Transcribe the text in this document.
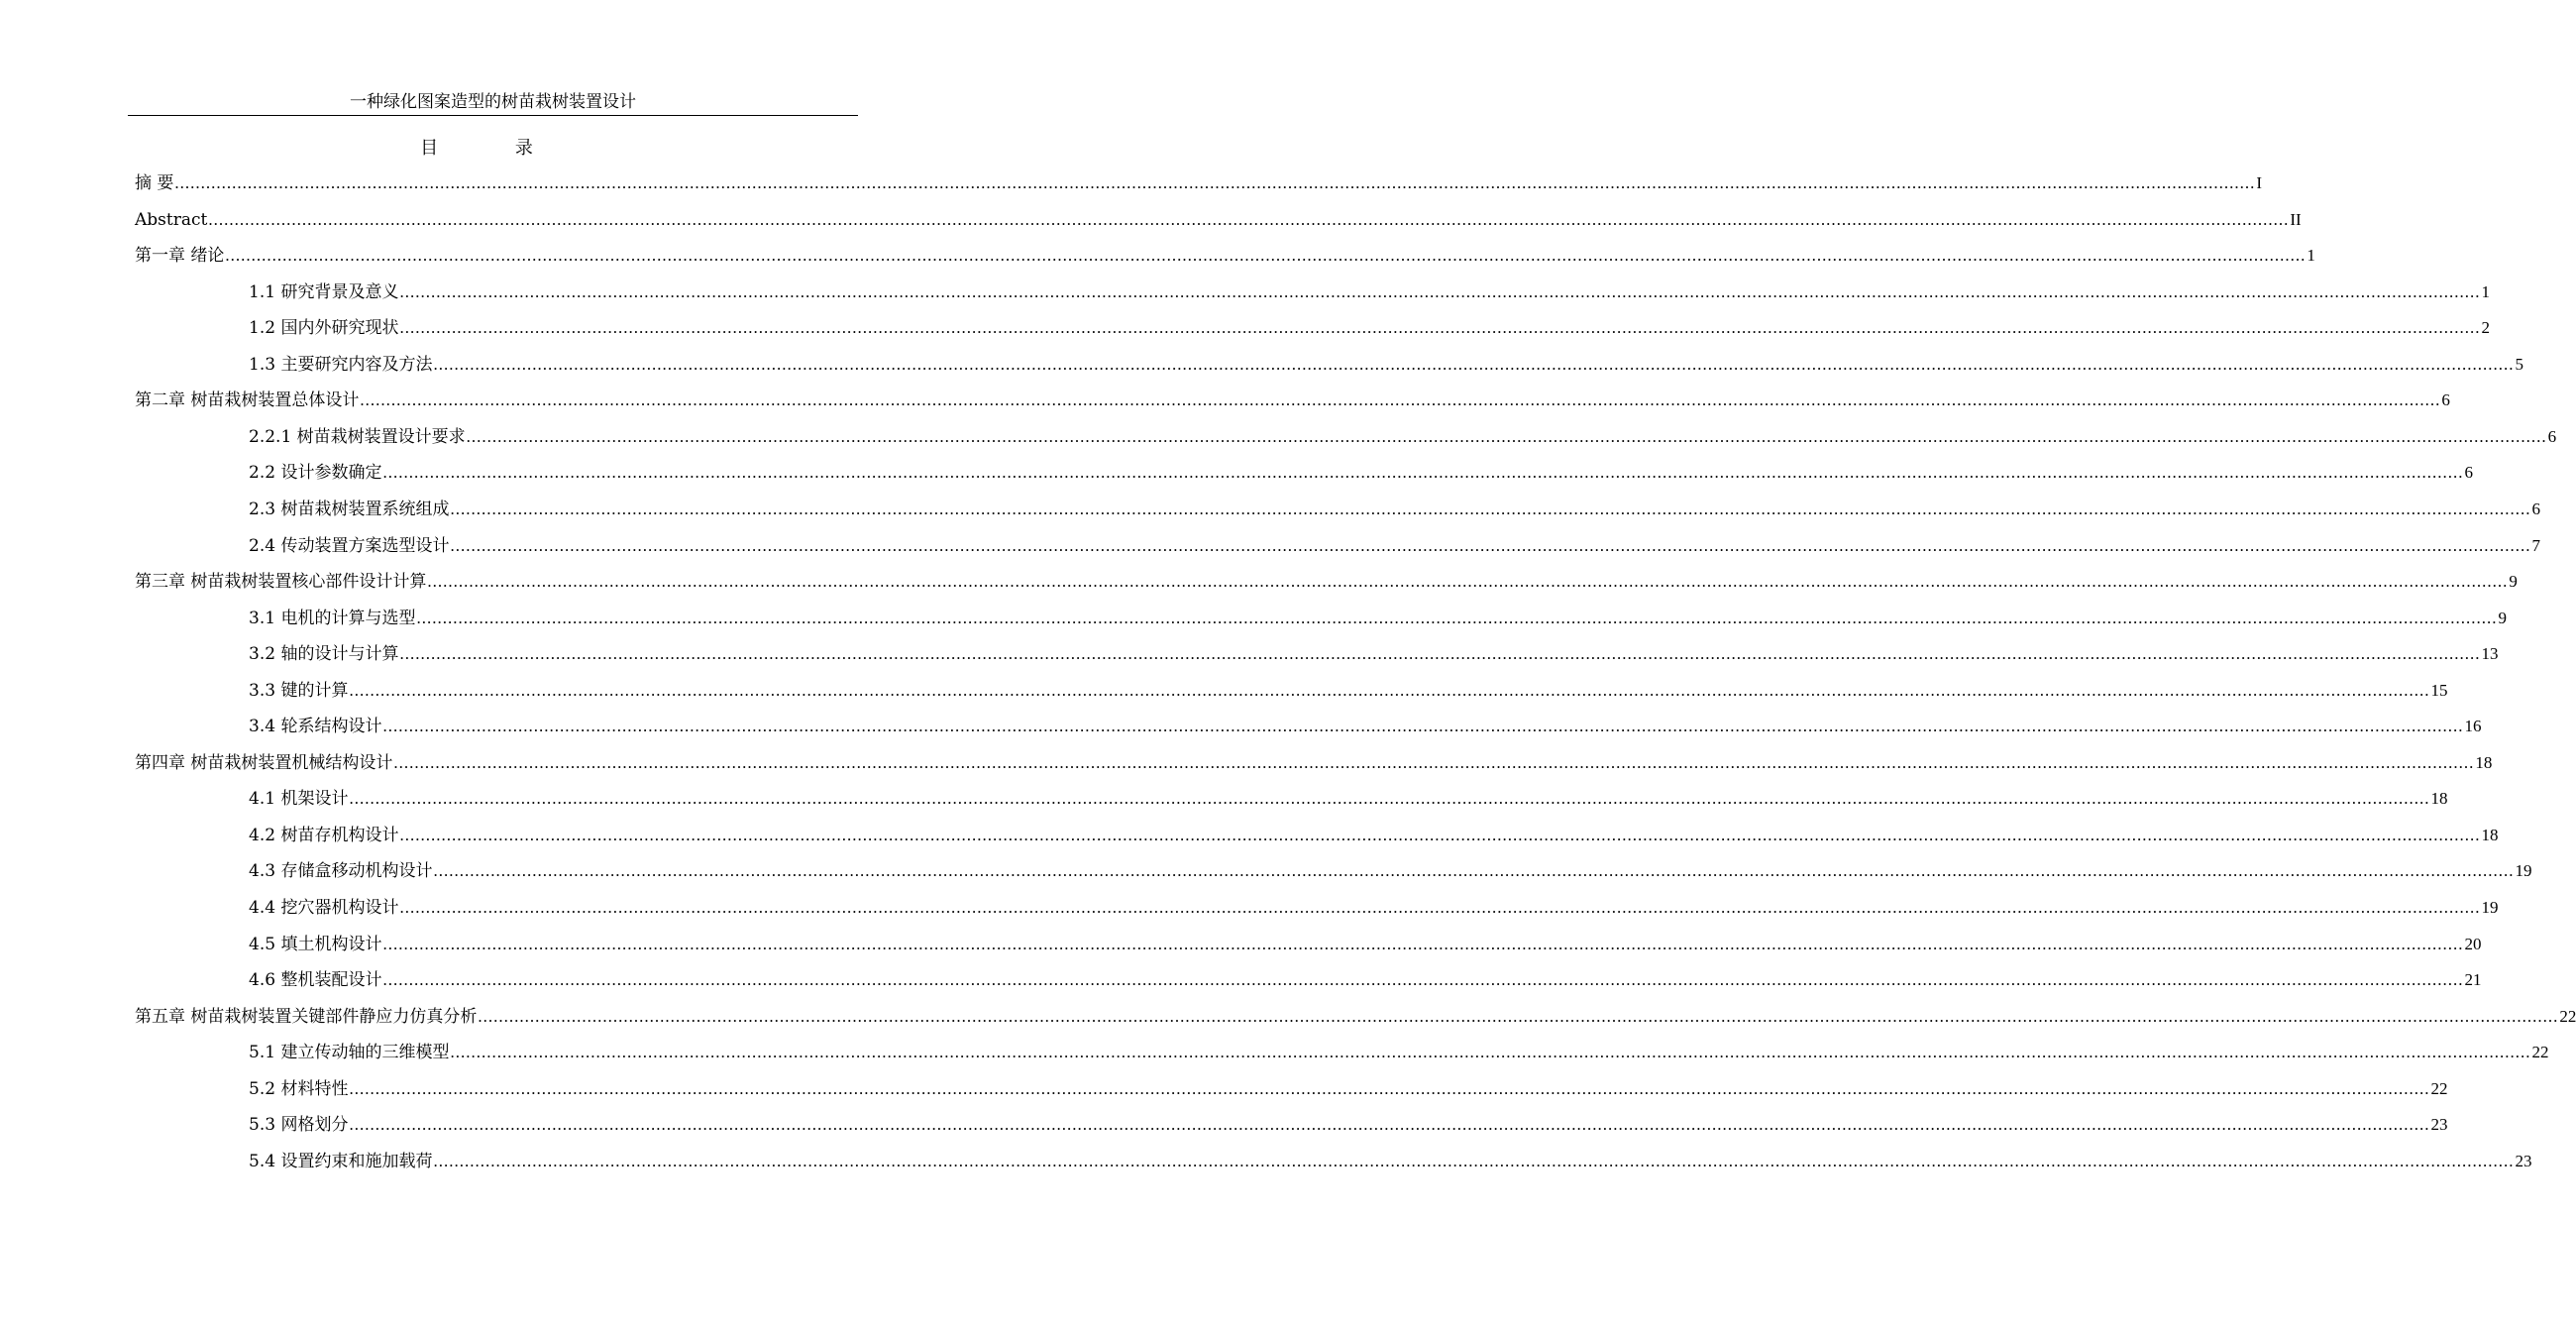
一种绿化图案造型的树苗栽树装置设计
目 录
摘 要 ................................................................................................................................................................................................................................................................................................................................................................................................................ I
Abstract ................................................................................................................................................................................................................................................................................................................................................................................................................ II
第一章 绪论 ................................................................................................................................................................................................................................................................................................................................................................................................................ 1
1.1 研究背景及意义 ................................................................................................................................................................................................................................................................................................................................................................................................................ 1
1.2 国内外研究现状 ................................................................................................................................................................................................................................................................................................................................................................................................................ 2
1.3 主要研究内容及方法 ................................................................................................................................................................................................................................................................................................................................................................................................................ 5
第二章 树苗栽树装置总体设计 ................................................................................................................................................................................................................................................................................................................................................................................................................ 6
2.2.1 树苗栽树装置设计要求 ................................................................................................................................................................................................................................................................................................................................................................................................................ 6
2.2 设计参数确定 ................................................................................................................................................................................................................................................................................................................................................................................................................ 6
2.3 树苗栽树装置系统组成 ................................................................................................................................................................................................................................................................................................................................................................................................................ 6
2.4 传动装置方案选型设计 ................................................................................................................................................................................................................................................................................................................................................................................................................ 7
第三章 树苗栽树装置核心部件设计计算 ................................................................................................................................................................................................................................................................................................................................................................................................................ 9
3.1 电机的计算与选型 ................................................................................................................................................................................................................................................................................................................................................................................................................ 9
3.2 轴的设计与计算 ................................................................................................................................................................................................................................................................................................................................................................................................................ 13
3.3 键的计算 ................................................................................................................................................................................................................................................................................................................................................................................................................ 15
3.4 轮系结构设计 ................................................................................................................................................................................................................................................................................................................................................................................................................ 16
第四章 树苗栽树装置机械结构设计 ................................................................................................................................................................................................................................................................................................................................................................................................................ 18
4.1 机架设计 ................................................................................................................................................................................................................................................................................................................................................................................................................ 18
4.2 树苗存机构设计 ................................................................................................................................................................................................................................................................................................................................................................................................................ 18
4.3 存储盒移动机构设计 ................................................................................................................................................................................................................................................................................................................................................................................................................ 19
4.4 挖穴器机构设计 ................................................................................................................................................................................................................................................................................................................................................................................................................ 19
4.5 填土机构设计 ................................................................................................................................................................................................................................................................................................................................................................................................................ 20
4.6 整机装配设计 ................................................................................................................................................................................................................................................................................................................................................................................................................ 21
第五章 树苗栽树装置关键部件静应力仿真分析 ................................................................................................................................................................................................................................................................................................................................................................................................................ 22
5.1 建立传动轴的三维模型 ................................................................................................................................................................................................................................................................................................................................................................................................................ 22
5.2 材料特性 ................................................................................................................................................................................................................................................................................................................................................................................................................ 22
5.3 网格划分 ................................................................................................................................................................................................................................................................................................................................................................................................................ 23
5.4 设置约束和施加载荷 ................................................................................................................................................................................................................................................................................................................................................................................................................ 23
